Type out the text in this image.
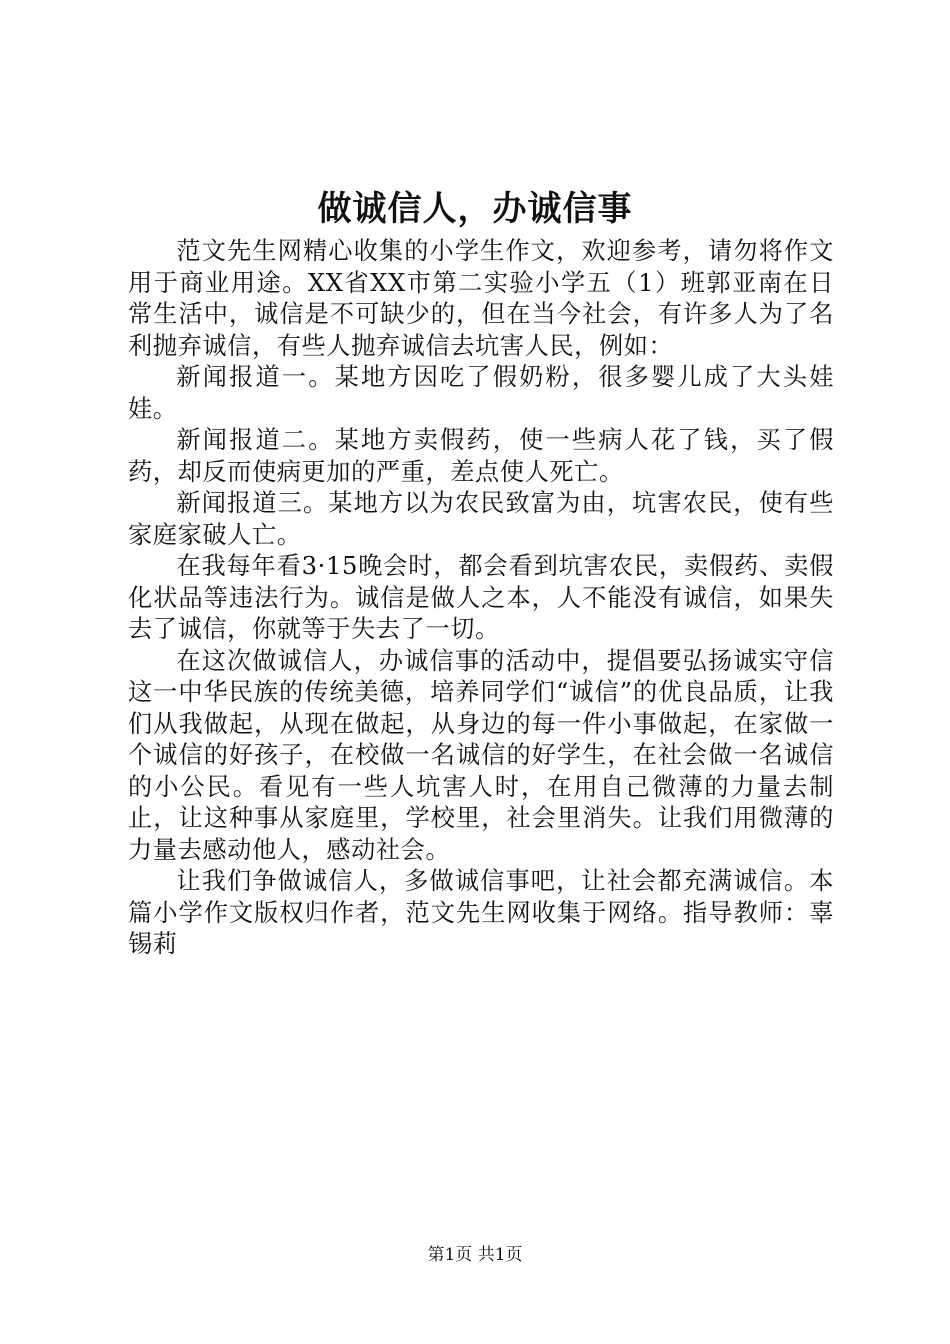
做诚信人，办诚信事

范文先生网精心收集的小学生作文，欢迎参考，请勿将作文用于商业用途。XX省XX市第二实验小学五（1）班郭亚南在日常生活中，诚信是不可缺少的，但在当今社会，有许多人为了名利抛弃诚信，有些人抛弃诚信去坑害人民，例如：

新闻报道一。某地方因吃了假奶粉，很多婴儿成了大头娃娃。

新闻报道二。某地方卖假药，使一些病人花了钱，买了假药，却反而使病更加的严重，差点使人死亡。

新闻报道三。某地方以为农民致富为由，坑害农民，使有些家庭家破人亡。

在我每年看3·15晚会时，都会看到坑害农民，卖假药、卖假化状品等违法行为。诚信是做人之本，人不能没有诚信，如果失去了诚信，你就等于失去了一切。

在这次做诚信人，办诚信事的活动中，提倡要弘扬诚实守信这一中华民族的传统美德，培养同学们“诚信”的优良品质，让我们从我做起，从现在做起，从身边的每一件小事做起，在家做一个诚信的好孩子，在校做一名诚信的好学生，在社会做一名诚信的小公民。看见有一些人坑害人时，在用自己微薄的力量去制止，让这种事从家庭里，学校里，社会里消失。让我们用微薄的力量去感动他人，感动社会。

让我们争做诚信人，多做诚信事吧，让社会都充满诚信。本篇小学作文版权归作者，范文先生网收集于网络。指导教师：辜锡莉

第1页 共1页
